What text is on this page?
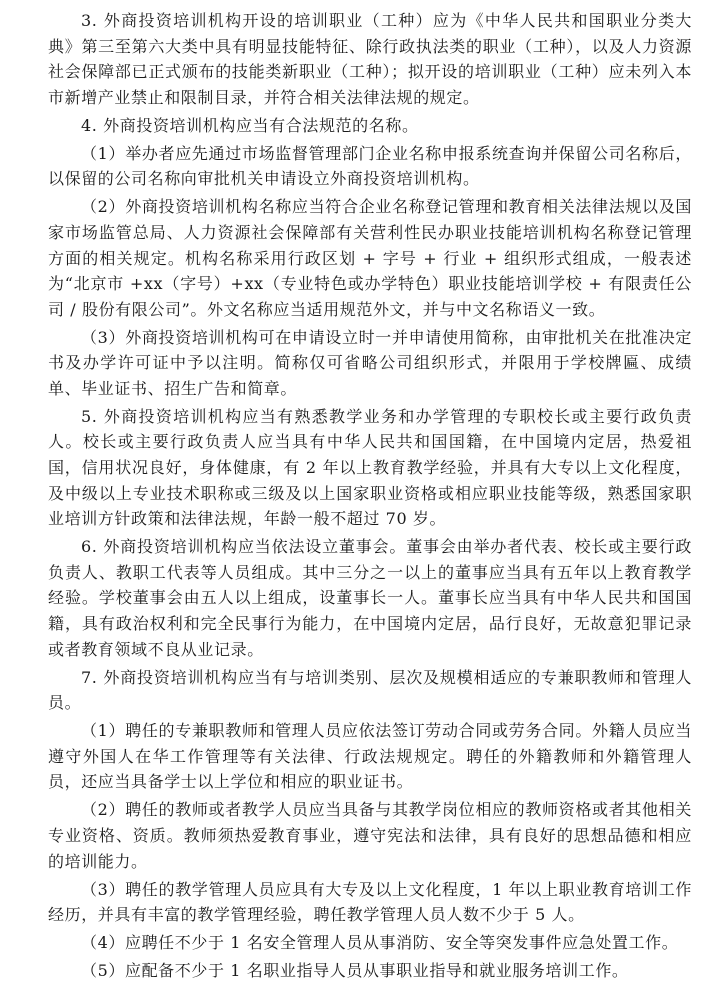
3. 外商投资培训机构开设的培训职业（工种）应为《中华人民共和国职业分类大典》第三至第六大类中具有明显技能特征、除行政执法类的职业（工种），以及人力资源社会保障部已正式颁布的技能类新职业（工种）；拟开设的培训职业（工种）应未列入本市新增产业禁止和限制目录，并符合相关法律法规的规定。

4. 外商投资培训机构应当有合法规范的名称。

（1）举办者应先通过市场监督管理部门企业名称申报系统查询并保留公司名称后，以保留的公司名称向审批机关申请设立外商投资培训机构。

（2）外商投资培训机构名称应当符合企业名称登记管理和教育相关法律法规以及国家市场监管总局、人力资源社会保障部有关营利性民办职业技能培训机构名称登记管理方面的相关规定。机构名称采用行政区划 + 字号 + 行业 + 组织形式组成，一般表述为“北京市 +xx（字号）+xx（专业特色或办学特色）职业技能培训学校 + 有限责任公司 / 股份有限公司”。外文名称应当适用规范外文，并与中文名称语义一致。

（3）外商投资培训机构可在申请设立时一并申请使用简称，由审批机关在批准决定书及办学许可证中予以注明。简称仅可省略公司组织形式，并限用于学校牌匾、成绩单、毕业证书、招生广告和简章。

5. 外商投资培训机构应当有熟悉教学业务和办学管理的专职校长或主要行政负责人。校长或主要行政负责人应当具有中华人民共和国国籍，在中国境内定居，热爱祖国，信用状况良好，身体健康，有 2 年以上教育教学经验，并具有大专以上文化程度，及中级以上专业技术职称或三级及以上国家职业资格或相应职业技能等级，熟悉国家职业培训方针政策和法律法规，年龄一般不超过 70 岁。

6. 外商投资培训机构应当依法设立董事会。董事会由举办者代表、校长或主要行政负责人、教职工代表等人员组成。其中三分之一以上的董事应当具有五年以上教育教学经验。学校董事会由五人以上组成，设董事长一人。董事长应当具有中华人民共和国国籍，具有政治权利和完全民事行为能力，在中国境内定居，品行良好，无故意犯罪记录或者教育领域不良从业记录。

7. 外商投资培训机构应当有与培训类别、层次及规模相适应的专兼职教师和管理人员。

（1）聘任的专兼职教师和管理人员应依法签订劳动合同或劳务合同。外籍人员应当遵守外国人在华工作管理等有关法律、行政法规规定。聘任的外籍教师和外籍管理人员，还应当具备学士以上学位和相应的职业证书。

（2）聘任的教师或者教学人员应当具备与其教学岗位相应的教师资格或者其他相关专业资格、资质。教师须热爱教育事业，遵守宪法和法律，具有良好的思想品德和相应的培训能力。

（3）聘任的教学管理人员应具有大专及以上文化程度，1 年以上职业教育培训工作经历，并具有丰富的教学管理经验，聘任教学管理人员人数不少于 5 人。

（4）应聘任不少于 1 名安全管理人员从事消防、安全等突发事件应急处置工作。

（5）应配备不少于 1 名职业指导人员从事职业指导和就业服务培训工作。
